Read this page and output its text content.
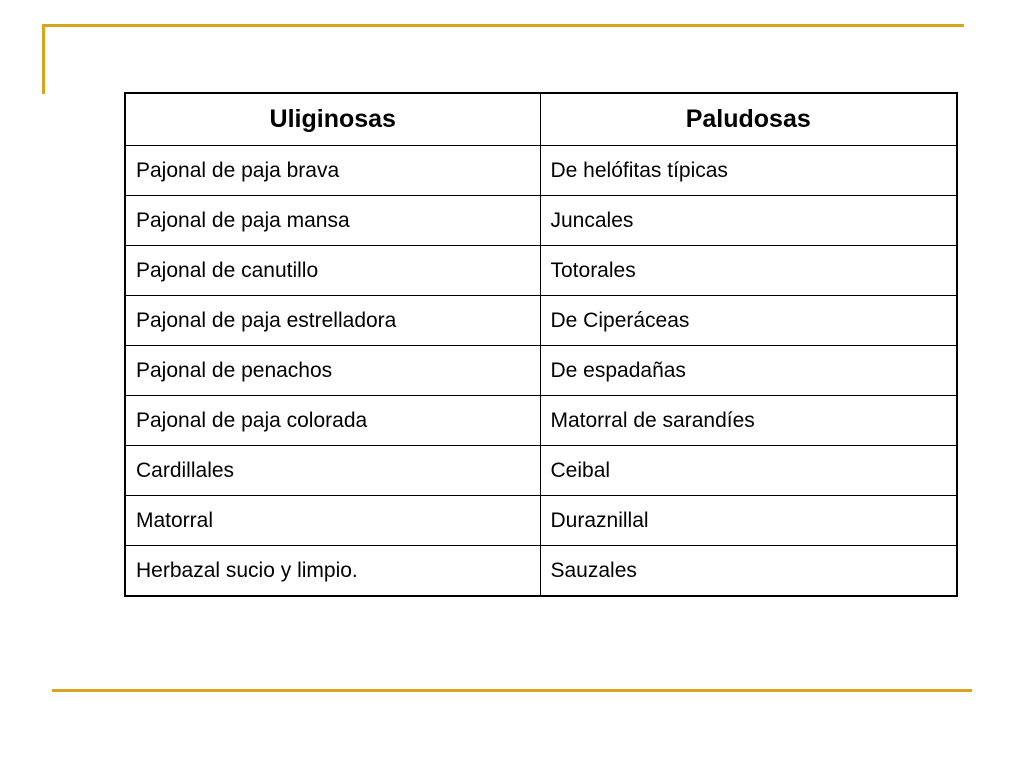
Uliginosas	Paludosas
Pajonal de paja brava	De helófitas típicas
Pajonal de paja mansa	Juncales
Pajonal de canutillo	Totorales
Pajonal de paja estrelladora	De Ciperáceas
Pajonal de penachos	De espadañas
Pajonal de paja colorada	Matorral de sarandíes
Cardillales	Ceibal
Matorral	Duraznillal
Herbazal sucio y limpio.	Sauzales
